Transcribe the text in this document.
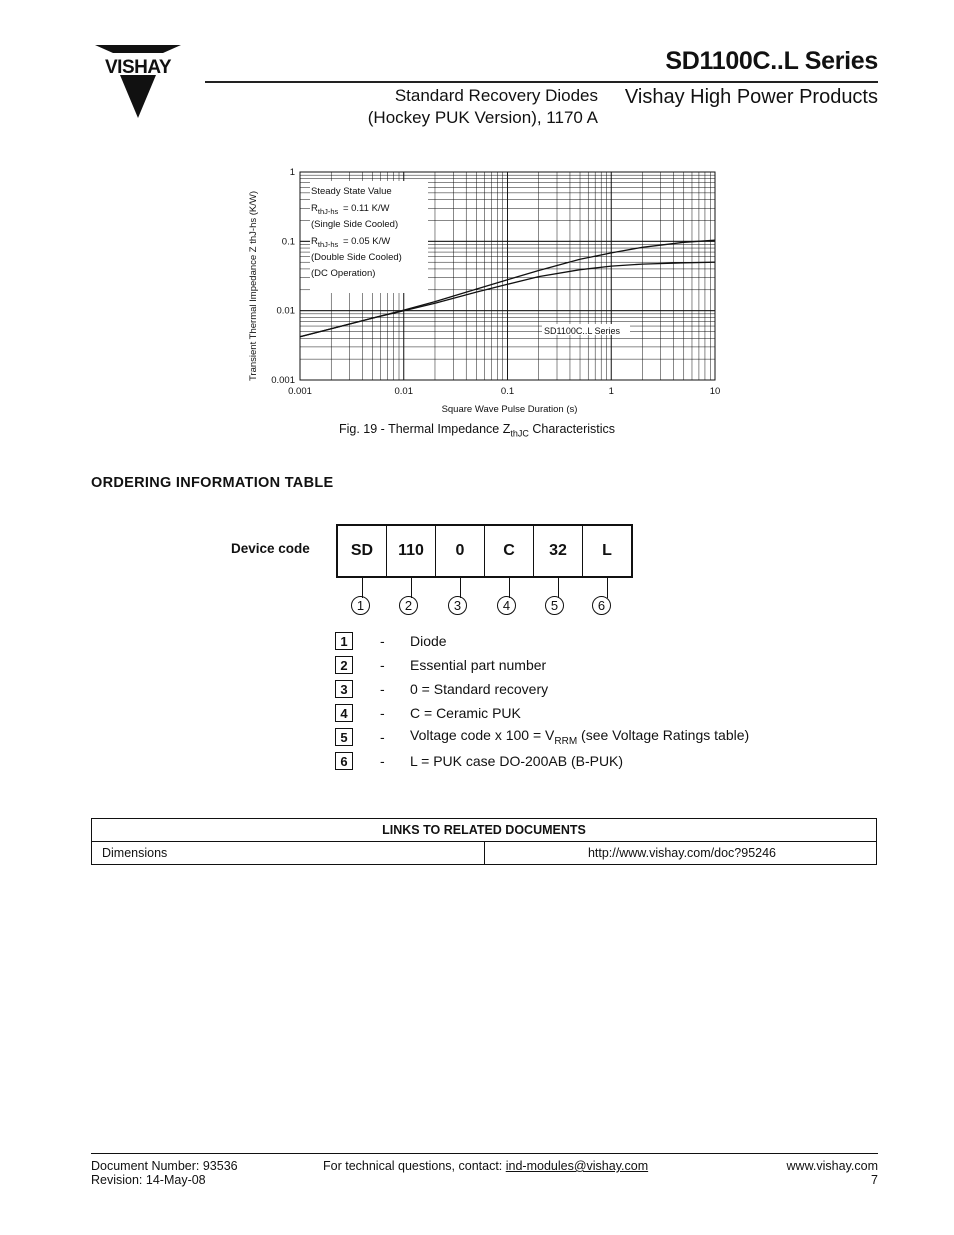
VISHAY	SD1100C..L Series
Standard Recovery Diodes
(Hockey PUK Version), 1170 A
Vishay High Power Products
0.001	0.01	0.1	1	10
0.001
0.01
0.1
1
Square Wave Pulse Duration (s)
Transient Thermal Impedance Z thJ-hs (K/W)	Steady State Value
$R_{thJ-hs} = 0.11$ K/W
(Single Side Cooled)
$R_{thJ-hs} = 0.05$ K/W
(Double Side Cooled)
(DC Operation)
SD1100C..L Series
Fig. 19 - Thermal Impedance $Z_{thJC}$ Characteristics
ORDERING INFORMATION TABLE
Device code	SD	110	0	C	32	L
1	2	3	4	5	6
1	-	Diode
2	-	Essential part number
3	-	0 = Standard recovery
4	-	C = Ceramic PUK
5	-	Voltage code x $100 = V_{RRM}$ (see Voltage Ratings table)
6	-	L = PUK case DO-200AB (B-PUK)
LINKS TO RELATED DOCUMENTS
Dimensions	http://www.vishay.com/doc?95246
Document Number: 93536
Revision: 14-May-08
For technical questions, contact: ind-modules@vishay.com	www.vishay.com
7
